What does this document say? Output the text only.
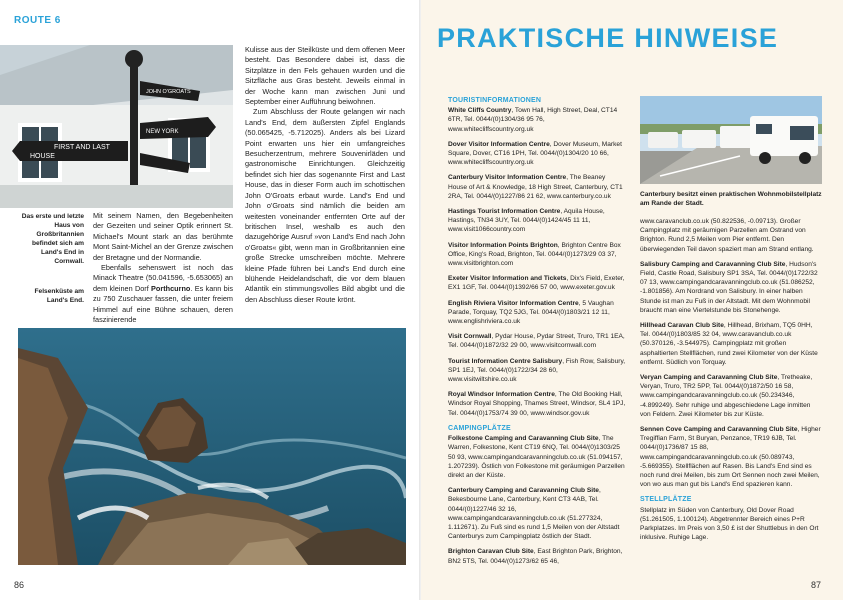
ROUTE 6
FIRST AND LAST
HOUSE
NEW YORK
JOHN O'GROATS
Das erste und letzte Haus von Großbritannien befindet sich am Land's End in Cornwall.
Felsenküste am Land's End.

Mit seinem Namen, den Begebenheiten der Gezeiten und seiner Optik erinnert St. Michael's Mount stark an das berühmte Mont Saint-Michel an der Grenze zwischen der Bretagne und der Normandie.

Ebenfalls sehenswert ist noch das Minack Theatre (50.041596, -5.653065) an dem kleinen Dorf Porthcurno. Es kann bis zu 750 Zuschauer fassen, die unter freiem Himmel auf eine Bühne schauen, deren faszinierende

Kulisse aus der Steilküste und dem offenen Meer besteht. Das Besondere dabei ist, dass die Sitzplätze in den Fels gehauen wurden und die Sitzfläche aus Gras besteht. Jeweils einmal in der Woche kann man zwischen Juni und September einer Aufführung beiwohnen.

Zum Abschluss der Route gelangen wir nach Land's End, dem äußersten Zipfel Englands (50.065425, -5.712025). Anders als bei Lizard Point erwarten uns hier ein umfangreiches Besucherzentrum, mehrere Souvenirläden und gastronomische Einrichtungen. Gleichzeitig befindet sich hier das sogenannte First and Last House, das in dieser Form auch im schottischen John O'Groats erbaut wurde. Land's End und John o'Groats sind nämlich die beiden am weitesten voneinander entfernten Orte auf der britischen Insel, weshalb es auch den dazugehörige Ausruf »von Land's End nach John o'Groats« gibt, wenn man in Großbritannien eine große Strecke umschreiben möchte. Mehrere kleine Pfade führen bei Land's End durch eine blühende Heidelandschaft, die vor dem blauen Atlantik ein stimmungsvolles Bild abgibt und die den Abschluss dieser Route krönt.

86
PRAKTISCHE HINWEISE
TOURISTINFORMATIONEN
White Cliffs Country, Town Hall, High Street, Deal, CT14 6TR, Tel. 0044/(0)1304/36 95 76, www.whitecliffscountry.org.uk
Dover Visitor Information Centre, Dover Museum, Market Square, Dover, CT16 1PH, Tel. 0044/(0)1304/20 10 66, www.whitecliffscountry.org.uk
Canterbury Visitor Information Centre, The Beaney House of Art & Knowledge, 18 High Street, Canterbury, CT1 2RA, Tel. 0044/(0)1227/86 21 62, www.canterbury.co.uk
Hastings Tourist Information Centre, Aquila House, Hastings, TN34 3UY, Tel. 0044/(0)1424/45 11 11, www.visit1066country.com
Visitor Information Points Brighton, Brighton Centre Box Office, King's Road, Brighton, Tel. 0044/(0)1273/29 03 37, www.visitbrighton.com
Exeter Visitor Information and Tickets, Dix's Field, Exeter, EX1 1GF, Tel. 0044/(0)1392/66 57 00, www.exeter.gov.uk
English Riviera Visitor Information Centre, 5 Vaughan Parade, Torquay, TQ2 5JG, Tel. 0044/(0)1803/21 12 11, www.englishriviera.co.uk
Visit Cornwall, Pydar House, Pydar Street, Truro, TR1 1EA, Tel. 0044/(0)1872/32 29 00, www.visitcornwall.com
Tourist Information Centre Salisbury, Fish Row, Salisbury, SP1 1EJ, Tel. 0044/(0)1722/34 28 60, www.visitwiltshire.co.uk
Royal Windsor Information Centre, The Old Booking Hall, Windsor Royal Shopping, Thames Street, Windsor, SL4 1PJ, Tel. 0044/(0)1753/74 39 00, www.windsor.gov.uk
CAMPINGPLÄTZE
Folkestone Camping and Caravanning Club Site, The Warren, Folkestone, Kent CT19 6NQ, Tel. 0044/(0)1303/25 50 93, www.campingandcaravanningclub.co.uk (51.094157, 1.207239). Östlich von Folkestone mit geräumigen Parzellen direkt an der Küste.
Canterbury Camping and Caravanning Club Site, Bekesbourne Lane, Canterbury, Kent CT3 4AB, Tel. 0044/(0)1227/46 32 16, www.campingandcaravanningclub.co.uk (51.277324, 1.112671). Zu Fuß sind es rund 1,5 Meilen von der Altstadt Canterburys zum Campingplatz östlich der Stadt.
Brighton Caravan Club Site, East Brighton Park, Brighton, BN2 5TS, Tel. 0044/(0)1273/62 65 46,
Canterbury besitzt einen praktischen Wohnmobilstellplatz am Rande der Stadt.
www.caravanclub.co.uk (50.822536, -0.09713). Großer Campingplatz mit geräumigen Parzellen am Ostrand von Brighton. Rund 2,5 Meilen vom Pier entfernt. Den überwiegenden Teil davon spaziert man am Strand entlang.
Salisbury Camping and Caravanning Club Site, Hudson's Field, Castle Road, Salisbury SP1 3SA, Tel. 0044/(0)1722/32 07 13, www.campingandcaravanningclub.co.uk (51.086252, -1.801856). Am Nordrand von Salisbury. In einer halben Stunde ist man zu Fuß in der Altstadt. Mit dem Wohnmobil braucht man eine Viertelstunde bis Stonehenge.
Hillhead Caravan Club Site, Hillhead, Brixham, TQ5 0HH, Tel. 0044/(0)1803/85 32 04, www.caravanclub.co.uk (50.370126, -3.544975). Campingplatz mit großen asphaltierten Stellflächen, rund zwei Kilometer von der Küste entfernt. Südlich von Torquay.
Veryan Camping and Caravanning Club Site, Tretheake, Veryan, Truro, TR2 5PP, Tel. 0044/(0)1872/50 16 58, www.campingandcaravanningclub.co.uk (50.234346, -4.899249). Sehr ruhige und abgeschiedene Lage inmitten von Feldern. Zwei Kilometer bis zur Küste.
Sennen Cove Camping and Caravanning Club Site, Higher Tregiffian Farm, St Buryan, Penzance, TR19 6JB, Tel. 0044/(0)1736/87 15 88, www.campingandcaravanningclub.co.uk (50.089743, -5.669355). Stellflächen auf Rasen. Bis Land's End sind es noch rund drei Meilen, bis zum Ort Sennen noch zwei Meilen, von wo aus man gut bis Land's End spazieren kann.
STELLPLÄTZE
Stellplatz im Süden von Canterbury, Old Dover Road (51.261505, 1.100124). Abgetrennter Bereich eines P+R Parkplatzes. Im Preis von 3,50 £ ist der Shuttlebus in den Ort inklusive. Ruhige Lage.
87
